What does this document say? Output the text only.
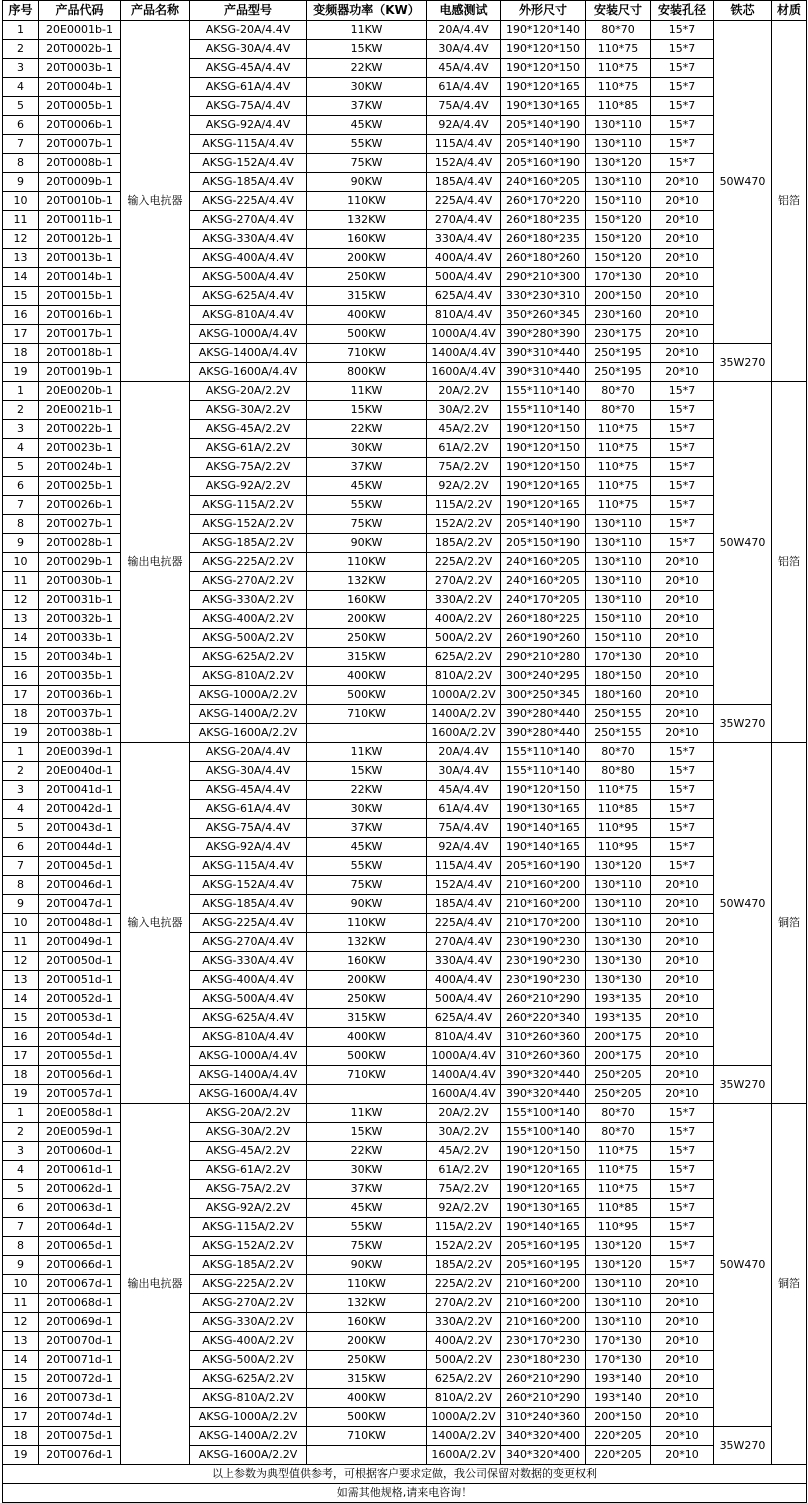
序号	产品代码	产品名称	产品型号	变频器功率（KW）	电感测试	外形尺寸	安装尺寸	安装孔径	铁芯	材质
1	20E0001b-1	输入电抗器	AKSG-20A/4.4V	11KW	20A/4.4V	190*120*140	80*70	15*7	50W470	铝箔
2	20T0002b-1		AKSG-30A/4.4V	15KW	30A/4.4V	190*120*150	110*75	15*7		
3	20T0003b-1		AKSG-45A/4.4V	22KW	45A/4.4V	190*120*150	110*75	15*7		
4	20T0004b-1		AKSG-61A/4.4V	30KW	61A/4.4V	190*120*165	110*75	15*7		
5	20T0005b-1		AKSG-75A/4.4V	37KW	75A/4.4V	190*130*165	110*85	15*7		
6	20T0006b-1		AKSG-92A/4.4V	45KW	92A/4.4V	205*140*190	130*110	15*7		
7	20T0007b-1		AKSG-115A/4.4V	55KW	115A/4.4V	205*140*190	130*110	15*7		
8	20T0008b-1		AKSG-152A/4.4V	75KW	152A/4.4V	205*160*190	130*120	15*7		
9	20T0009b-1		AKSG-185A/4.4V	90KW	185A/4.4V	240*160*205	130*110	20*10		
10	20T0010b-1		AKSG-225A/4.4V	110KW	225A/4.4V	260*170*220	150*110	20*10		
11	20T0011b-1		AKSG-270A/4.4V	132KW	270A/4.4V	260*180*235	150*120	20*10		
12	20T0012b-1		AKSG-330A/4.4V	160KW	330A/4.4V	260*180*235	150*120	20*10		
13	20T0013b-1		AKSG-400A/4.4V	200KW	400A/4.4V	260*180*260	150*120	20*10		
14	20T0014b-1		AKSG-500A/4.4V	250KW	500A/4.4V	290*210*300	170*130	20*10		
15	20T0015b-1		AKSG-625A/4.4V	315KW	625A/4.4V	330*230*310	200*150	20*10		
16	20T0016b-1		AKSG-810A/4.4V	400KW	810A/4.4V	350*260*345	230*160	20*10		
17	20T0017b-1		AKSG-1000A/4.4V	500KW	1000A/4.4V	390*280*390	230*175	20*10		
18	20T0018b-1		AKSG-1400A/4.4V	710KW	1400A/4.4V	390*310*440	250*195	20*10	35W270	
19	20T0019b-1		AKSG-1600A/4.4V	800KW	1600A/4.4V	390*310*440	250*195	20*10		
1	20E0020b-1	输出电抗器	AKSG-20A/2.2V	11KW	20A/2.2V	155*110*140	80*70	15*7	50W470	铝箔
2	20E0021b-1		AKSG-30A/2.2V	15KW	30A/2.2V	155*110*140	80*70	15*7		
3	20T0022b-1		AKSG-45A/2.2V	22KW	45A/2.2V	190*120*150	110*75	15*7		
4	20T0023b-1		AKSG-61A/2.2V	30KW	61A/2.2V	190*120*150	110*75	15*7		
5	20T0024b-1		AKSG-75A/2.2V	37KW	75A/2.2V	190*120*150	110*75	15*7		
6	20T0025b-1		AKSG-92A/2.2V	45KW	92A/2.2V	190*120*165	110*75	15*7		
7	20T0026b-1		AKSG-115A/2.2V	55KW	115A/2.2V	190*120*165	110*75	15*7		
8	20T0027b-1		AKSG-152A/2.2V	75KW	152A/2.2V	205*140*190	130*110	15*7		
9	20T0028b-1		AKSG-185A/2.2V	90KW	185A/2.2V	205*150*190	130*110	15*7		
10	20T0029b-1		AKSG-225A/2.2V	110KW	225A/2.2V	240*160*205	130*110	20*10		
11	20T0030b-1		AKSG-270A/2.2V	132KW	270A/2.2V	240*160*205	130*110	20*10		
12	20T0031b-1		AKSG-330A/2.2V	160KW	330A/2.2V	240*170*205	130*110	20*10		
13	20T0032b-1		AKSG-400A/2.2V	200KW	400A/2.2V	260*180*225	150*110	20*10		
14	20T0033b-1		AKSG-500A/2.2V	250KW	500A/2.2V	260*190*260	150*110	20*10		
15	20T0034b-1		AKSG-625A/2.2V	315KW	625A/2.2V	290*210*280	170*130	20*10		
16	20T0035b-1		AKSG-810A/2.2V	400KW	810A/2.2V	300*240*295	180*150	20*10		
17	20T0036b-1		AKSG-1000A/2.2V	500KW	1000A/2.2V	300*250*345	180*160	20*10		
18	20T0037b-1		AKSG-1400A/2.2V	710KW	1400A/2.2V	390*280*440	250*155	20*10	35W270	
19	20T0038b-1		AKSG-1600A/2.2V		1600A/2.2V	390*280*440	250*155	20*10		
1	20E0039d-1	输入电抗器	AKSG-20A/4.4V	11KW	20A/4.4V	155*110*140	80*70	15*7	50W470	铜箔
2	20E0040d-1		AKSG-30A/4.4V	15KW	30A/4.4V	155*110*140	80*80	15*7		
3	20T0041d-1		AKSG-45A/4.4V	22KW	45A/4.4V	190*120*150	110*75	15*7		
4	20T0042d-1		AKSG-61A/4.4V	30KW	61A/4.4V	190*130*165	110*85	15*7		
5	20T0043d-1		AKSG-75A/4.4V	37KW	75A/4.4V	190*140*165	110*95	15*7		
6	20T0044d-1		AKSG-92A/4.4V	45KW	92A/4.4V	190*140*165	110*95	15*7		
7	20T0045d-1		AKSG-115A/4.4V	55KW	115A/4.4V	205*160*190	130*120	15*7		
8	20T0046d-1		AKSG-152A/4.4V	75KW	152A/4.4V	210*160*200	130*110	20*10		
9	20T0047d-1		AKSG-185A/4.4V	90KW	185A/4.4V	210*160*200	130*110	20*10		
10	20T0048d-1		AKSG-225A/4.4V	110KW	225A/4.4V	210*170*200	130*110	20*10		
11	20T0049d-1		AKSG-270A/4.4V	132KW	270A/4.4V	230*190*230	130*130	20*10		
12	20T0050d-1		AKSG-330A/4.4V	160KW	330A/4.4V	230*190*230	130*130	20*10		
13	20T0051d-1		AKSG-400A/4.4V	200KW	400A/4.4V	230*190*230	130*130	20*10		
14	20T0052d-1		AKSG-500A/4.4V	250KW	500A/4.4V	260*210*290	193*135	20*10		
15	20T0053d-1		AKSG-625A/4.4V	315KW	625A/4.4V	260*220*340	193*135	20*10		
16	20T0054d-1		AKSG-810A/4.4V	400KW	810A/4.4V	310*260*360	200*175	20*10		
17	20T0055d-1		AKSG-1000A/4.4V	500KW	1000A/4.4V	310*260*360	200*175	20*10		
18	20T0056d-1		AKSG-1400A/4.4V	710KW	1400A/4.4V	390*320*440	250*205	20*10	35W270	
19	20T0057d-1		AKSG-1600A/4.4V		1600A/4.4V	390*320*440	250*205	20*10		
1	20E0058d-1	输出电抗器	AKSG-20A/2.2V	11KW	20A/2.2V	155*100*140	80*70	15*7	50W470	铜箔
2	20E0059d-1		AKSG-30A/2.2V	15KW	30A/2.2V	155*100*140	80*70	15*7		
3	20T0060d-1		AKSG-45A/2.2V	22KW	45A/2.2V	190*120*150	110*75	15*7		
4	20T0061d-1		AKSG-61A/2.2V	30KW	61A/2.2V	190*120*165	110*75	15*7		
5	20T0062d-1		AKSG-75A/2.2V	37KW	75A/2.2V	190*120*165	110*75	15*7		
6	20T0063d-1		AKSG-92A/2.2V	45KW	92A/2.2V	190*130*165	110*85	15*7		
7	20T0064d-1		AKSG-115A/2.2V	55KW	115A/2.2V	190*140*165	110*95	15*7		
8	20T0065d-1		AKSG-152A/2.2V	75KW	152A/2.2V	205*160*195	130*120	15*7		
9	20T0066d-1		AKSG-185A/2.2V	90KW	185A/2.2V	205*160*195	130*120	15*7		
10	20T0067d-1		AKSG-225A/2.2V	110KW	225A/2.2V	210*160*200	130*110	20*10		
11	20T0068d-1		AKSG-270A/2.2V	132KW	270A/2.2V	210*160*200	130*110	20*10		
12	20T0069d-1		AKSG-330A/2.2V	160KW	330A/2.2V	210*160*200	130*110	20*10		
13	20T0070d-1		AKSG-400A/2.2V	200KW	400A/2.2V	230*170*230	170*130	20*10		
14	20T0071d-1		AKSG-500A/2.2V	250KW	500A/2.2V	230*180*230	170*130	20*10		
15	20T0072d-1		AKSG-625A/2.2V	315KW	625A/2.2V	260*210*290	193*140	20*10		
16	20T0073d-1		AKSG-810A/2.2V	400KW	810A/2.2V	260*210*290	193*140	20*10		
17	20T0074d-1		AKSG-1000A/2.2V	500KW	1000A/2.2V	310*240*360	200*150	20*10		
18	20T0075d-1		AKSG-1400A/2.2V	710KW	1400A/2.2V	340*320*400	220*205	20*10	35W270	
19	20T0076d-1		AKSG-1600A/2.2V		1600A/2.2V	340*320*400	220*205	20*10		
以上参数为典型值供参考，可根据客户要求定做，我公司保留对数据的变更权利										
如需其他规格,请来电咨询！										
